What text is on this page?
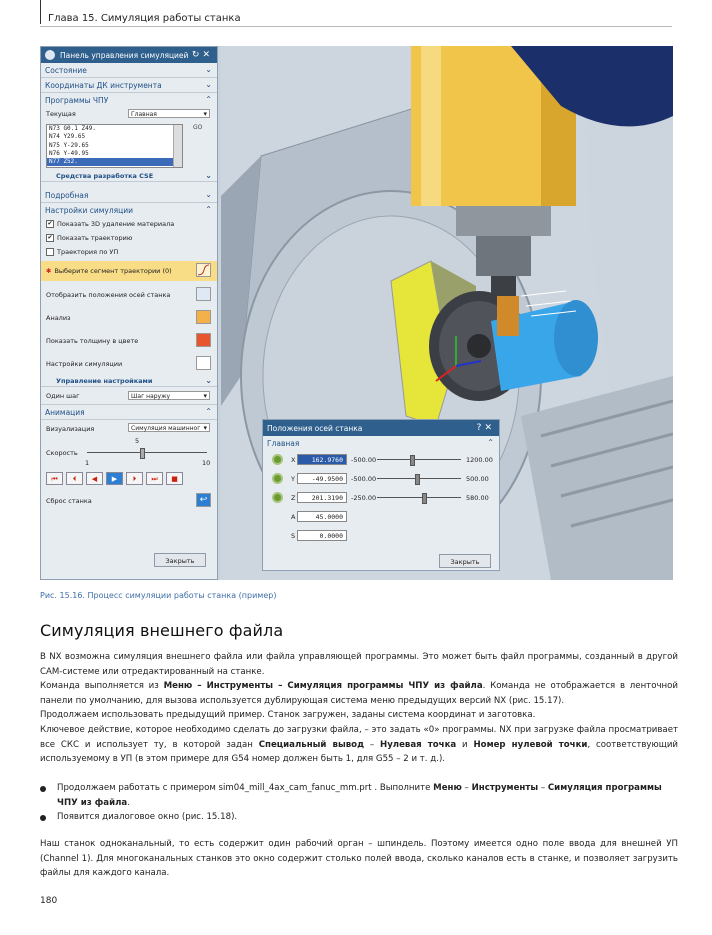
Глава 15. Симуляция работы станка
Панель управления симуляцией ↻✕
Состояние	⌄
Координаты ДК инструмента	⌄
Программы ЧПУ	⌃
Текущая	Главная ▾
N73 G0.1 Z49.
N74 Y29.65
N75 Y-29.65
N76 Y-49.95
N77 Z52.
GO
Средства разработка CSE	⌄
Подробная	⌄
Настройки симуляции	⌃
✔ Показать 3D удаление материала
✔ Показать траекторию
Траектория по УП
✱ Выберите сегмент траектории (0)
Отобразить положения осей станка
Анализ
Показать толщину в цвете
Настройки симуляции
Управление настройками	⌄
Один шаг	Шаг наружу ▾
Анимация	⌃
Визуализация	Симуляция машинног ▾
Скорость
5
1	10
⏮	⏴	◀	▶	⏵	⏭	■
Сброс станка	↩
Закрыть
Положения осей станка	?✕
Главная	⌃
X	162.9760	-500.00	1200.00
Y	-49.9500	-500.00	500.00
Z	201.3190	-250.00	580.00
A	45.0000
S	0.0000
Закрыть
Рис. 15.16. Процесс симуляции работы станка (пример)
Симуляция внешнего файла
В NX возможна симуляция внешнего файла или файла управляющей программы. Это может быть файл программы, созданный в другой CAM-системе или отредактированный на станке.
Команда выполняется из Меню – Инструменты – Симуляция программы ЧПУ из файла. Команда не отображается в ленточной панели по умолчанию, для вызова используется дублирующая система меню предыдущих версий NX (рис. 15.17).
Продолжаем использовать предыдущий пример. Станок загружен, заданы система координат и заготовка.
Ключевое действие, которое необходимо сделать до загрузки файла, – это задать «0» программы. NX при загрузке файла просматривает все СКС и использует ту, в которой задан Специальный вывод – Нулевая точка и Номер нулевой точки, соответствующий используемому в УП (в этом примере для G54 номер должен быть 1, для G55 – 2 и т. д.).
Продолжаем работать с примером sim04_mill_4ax_cam_fanuc_mm.prt . Выполните Меню – Инструменты – Симуляция программы ЧПУ из файла.
Появится диалоговое окно (рис. 15.18).
Наш станок одноканальный, то есть содержит один рабочий орган – шпиндель. Поэтому имеется одно поле ввода для внешней УП (Channel 1). Для многоканальных станков это окно содержит столько полей ввода, сколько каналов есть в станке, и позволяет загрузить файлы для каждого канала.
180
